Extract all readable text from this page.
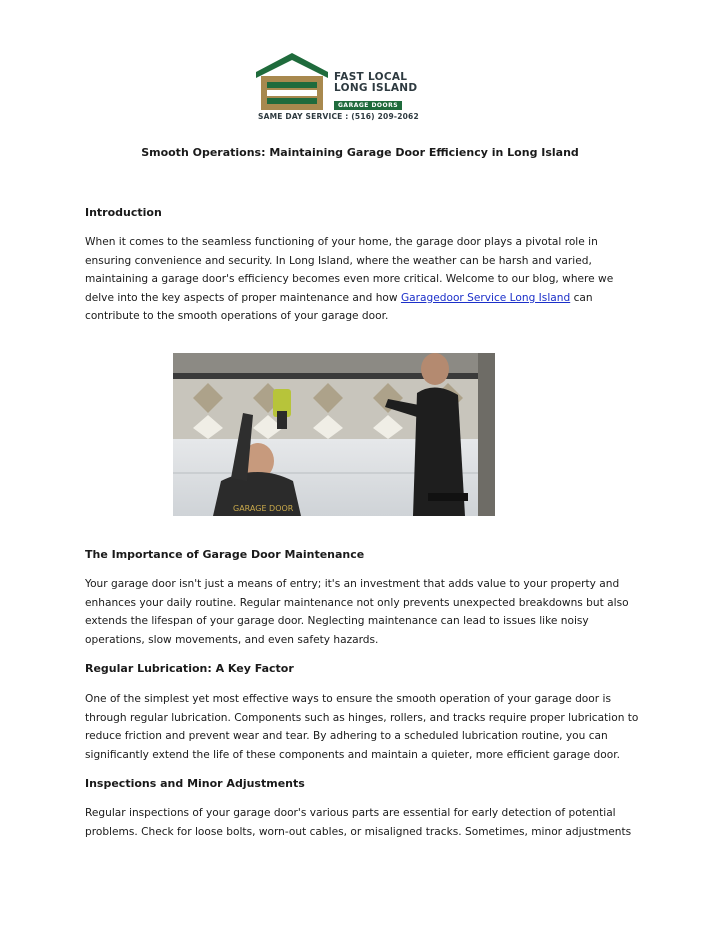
FAST LOCAL
LONG ISLAND
GARAGE DOORS
SAME DAY SERVICE : (516) 209-2062
Smooth Operations: Maintaining Garage Door Efficiency in Long Island
Introduction

When it comes to the seamless functioning of your home, the garage door plays a pivotal role in ensuring convenience and security. In Long Island, where the weather can be harsh and varied, maintaining a garage door's efficiency becomes even more critical. Welcome to our blog, where we delve into the key aspects of proper maintenance and how Garagedoor Service Long Island can contribute to the smooth operations of your garage door.

GARAGE DOOR
The Importance of Garage Door Maintenance

Your garage door isn't just a means of entry; it's an investment that adds value to your property and enhances your daily routine. Regular maintenance not only prevents unexpected breakdowns but also extends the lifespan of your garage door. Neglecting maintenance can lead to issues like noisy operations, slow movements, and even safety hazards.

Regular Lubrication: A Key Factor

One of the simplest yet most effective ways to ensure the smooth operation of your garage door is through regular lubrication. Components such as hinges, rollers, and tracks require proper lubrication to reduce friction and prevent wear and tear. By adhering to a scheduled lubrication routine, you can significantly extend the life of these components and maintain a quieter, more efficient garage door.

Inspections and Minor Adjustments

Regular inspections of your garage door's various parts are essential for early detection of potential problems. Check for loose bolts, worn-out cables, or misaligned tracks. Sometimes, minor adjustments
